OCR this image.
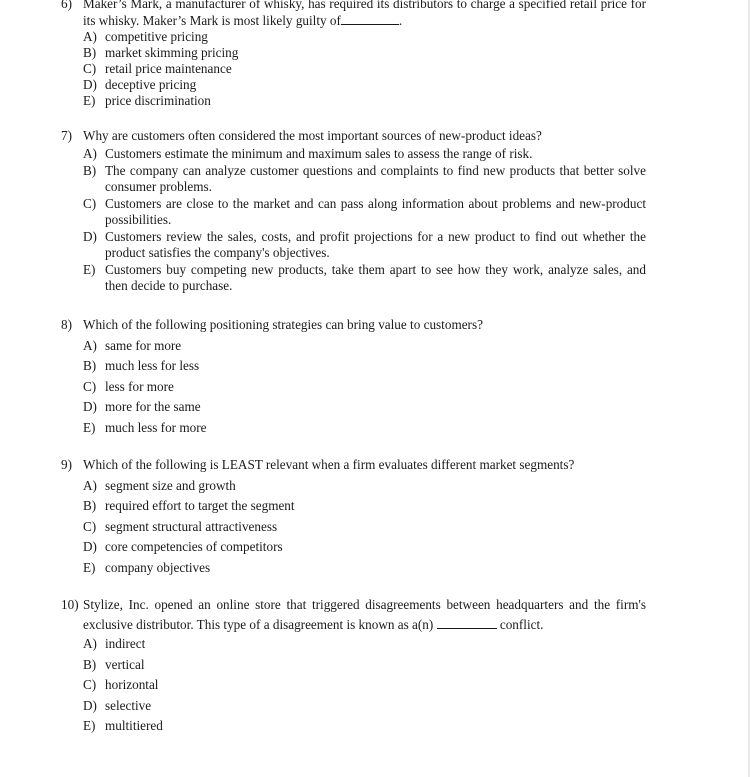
6) Maker’s Mark, a manufacturer of whisky, has required its distributors to charge a specified retail price for its whisky. Maker’s Mark is most likely guilty of	.
A) competitive pricing
B) market skimming pricing
C) retail price maintenance
D) deceptive pricing
E) price discrimination
7) Why are customers often considered the most important sources of new-product ideas?
A) Customers estimate the minimum and maximum sales to assess the range of risk.
B) The company can analyze customer questions and complaints to find new products that better solve consumer problems.
C) Customers are close to the market and can pass along information about problems and new-product possibilities.
D) Customers review the sales, costs, and profit projections for a new product to find out whether the product satisfies the company's objectives.
E) Customers buy competing new products, take them apart to see how they work, analyze sales, and then decide to purchase.
8) Which of the following positioning strategies can bring value to customers?
A) same for more
B) much less for less
C) less for more
D) more for the same
E) much less for more
9) Which of the following is LEAST relevant when a firm evaluates different market segments?
A) segment size and growth
B) required effort to target the segment
C) segment structural attractiveness
D) core competencies of competitors
E) company objectives
10) Stylize, Inc. opened an online store that triggered disagreements between headquarters and the firm's exclusive distributor. This type of a disagreement is known as a(n)	conflict.
A) indirect
B) vertical
C) horizontal
D) selective
E) multitiered
